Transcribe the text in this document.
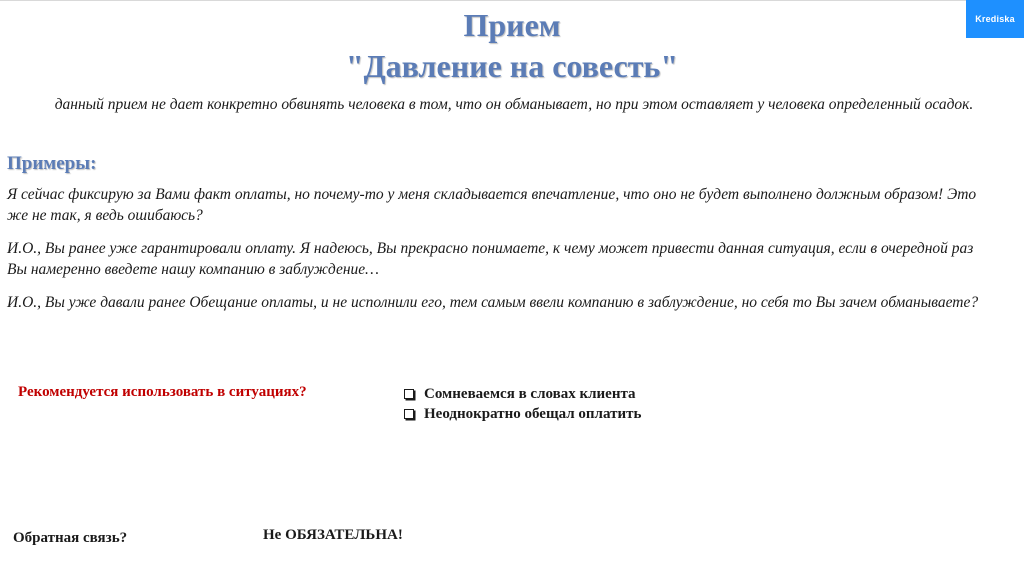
Krediska
Прием
"Давление на совесть"
данный прием не дает конкретно обвинять человека в том, что он обманывает, но при этом оставляет у человека определенный осадок.
Примеры:
Я сейчас фиксирую за Вами факт оплаты, но почему-то у меня складывается впечатление, что оно не будет выполнено должным образом! Это же не так, я ведь ошибаюсь?
И.О., Вы ранее уже гарантировали оплату. Я надеюсь, Вы прекрасно понимаете, к чему может привести данная ситуация, если в очередной раз Вы намеренно введете нашу компанию в заблуждение…
И.О., Вы уже давали ранее Обещание оплаты, и не исполнили его, тем самым ввели компанию в заблуждение, но себя то Вы зачем обманываете?
Рекомендуется использовать в ситуациях?	Сомневаемся в словах клиента
Неоднократно обещал оплатить
Обратная связь?	Не ОБЯЗАТЕЛЬНА!
